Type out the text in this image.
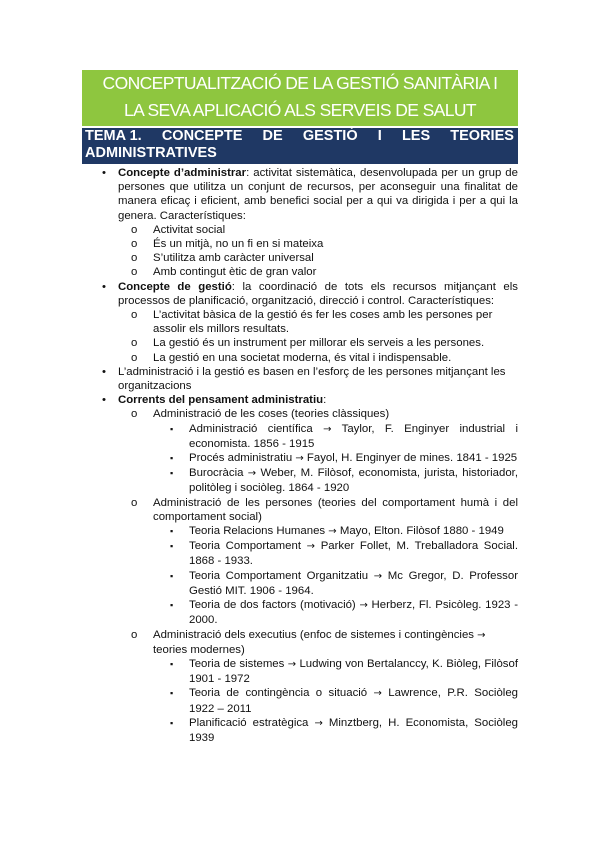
CONCEPTUALITZACIÓ DE LA GESTIÓ SANITÀRIA I
LA SEVA APLICACIÓ ALS SERVEIS DE SALUT
TEMA 1. CONCEPTE DE GESTIÓ I LES TEORIES
ADMINISTRATIVES
• Concepte d’administrar: activitat sistemàtica, desenvolupada per un grup de persones que utilitza un conjunt de recursos, per aconseguir una finalitat de manera eficaç i eficient, amb benefici social per a qui va dirigida i per a qui la genera. Característiques:
o Activitat social
o És un mitjà, no un fi en si mateixa
o S’utilitza amb caràcter universal
o Amb contingut ètic de gran valor
• Concepte de gestió: la coordinació de tots els recursos mitjançant els processos de planificació, organització, direcció i control. Característiques:
o L’activitat bàsica de la gestió és fer les coses amb les persones per assolir els millors resultats.
o La gestió és un instrument per millorar els serveis a les persones.
o La gestió en una societat moderna, és vital i indispensable.
• L’administració i la gestió es basen en l’esforç de les persones mitjançant les organitzacions
• Corrents del pensament administratiu:
o Administració de les coses (teories clàssiques)
▪ Administració científica → Taylor, F. Enginyer industrial i economista. 1856 - 1915
▪ Procés administratiu → Fayol, H. Enginyer de mines. 1841 - 1925
▪ Burocràcia → Weber, M. Filòsof, economista, jurista, historiador, politòleg i sociòleg. 1864 - 1920
o Administració de les persones (teories del comportament humà i del comportament social)
▪ Teoria Relacions Humanes → Mayo, Elton. Filòsof 1880 - 1949
▪ Teoria Comportament → Parker Follet, M. Treballadora Social. 1868 - 1933.
▪ Teoria Comportament Organitzatiu → Mc Gregor, D. Professor Gestió MIT. 1906 - 1964.
▪ Teoria de dos factors (motivació) → Herberz, Fl. Psicòleg. 1923 - 2000.
o Administració dels executius (enfoc de sistemes i contingències → teories modernes)
▪ Teoria de sistemes → Ludwing von Bertalanccy, K. Biòleg, Filòsof 1901 - 1972
▪ Teoria de contingència o situació → Lawrence, P.R. Sociòleg 1922 – 2011
▪ Planificació estratègica → Minztberg, H. Economista, Sociòleg 1939
